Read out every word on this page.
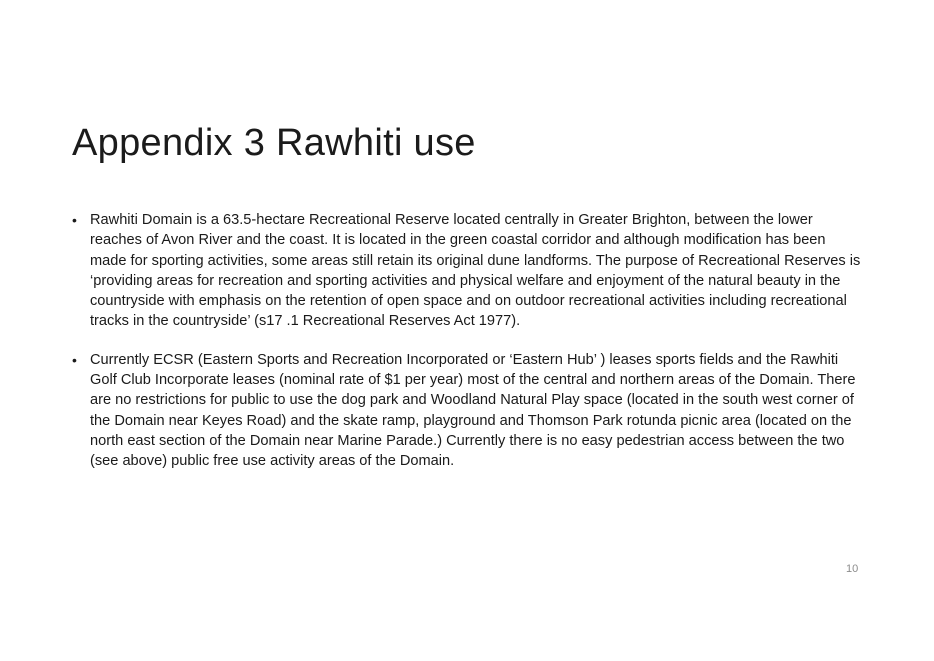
Appendix 3 Rawhiti use
• Rawhiti Domain is a 63.5-hectare Recreational Reserve located centrally in Greater Brighton, between the lower reaches of Avon River and the coast. It is located in the green coastal corridor and although modification has been made for sporting activities, some areas still retain its original dune landforms. The purpose of Recreational Reserves is ‘providing areas for recreation and sporting activities and physical welfare and enjoyment of the natural beauty in the countryside with emphasis on the retention of open space and on outdoor recreational activities including recreational tracks in the countryside’ (s17 .1 Recreational Reserves Act 1977).
• Currently ECSR (Eastern Sports and Recreation Incorporated or ‘Eastern Hub’ ) leases sports fields and the Rawhiti Golf Club Incorporate leases (nominal rate of $1 per year) most of the central and northern areas of the Domain. There are no restrictions for public to use the dog park and Woodland Natural Play space (located in the south west corner of the Domain near Keyes Road) and the skate ramp, playground and Thomson Park rotunda picnic area (located on the north east section of the Domain near Marine Parade.) Currently there is no easy pedestrian access between the two (see above) public free use activity areas of the Domain.
10
